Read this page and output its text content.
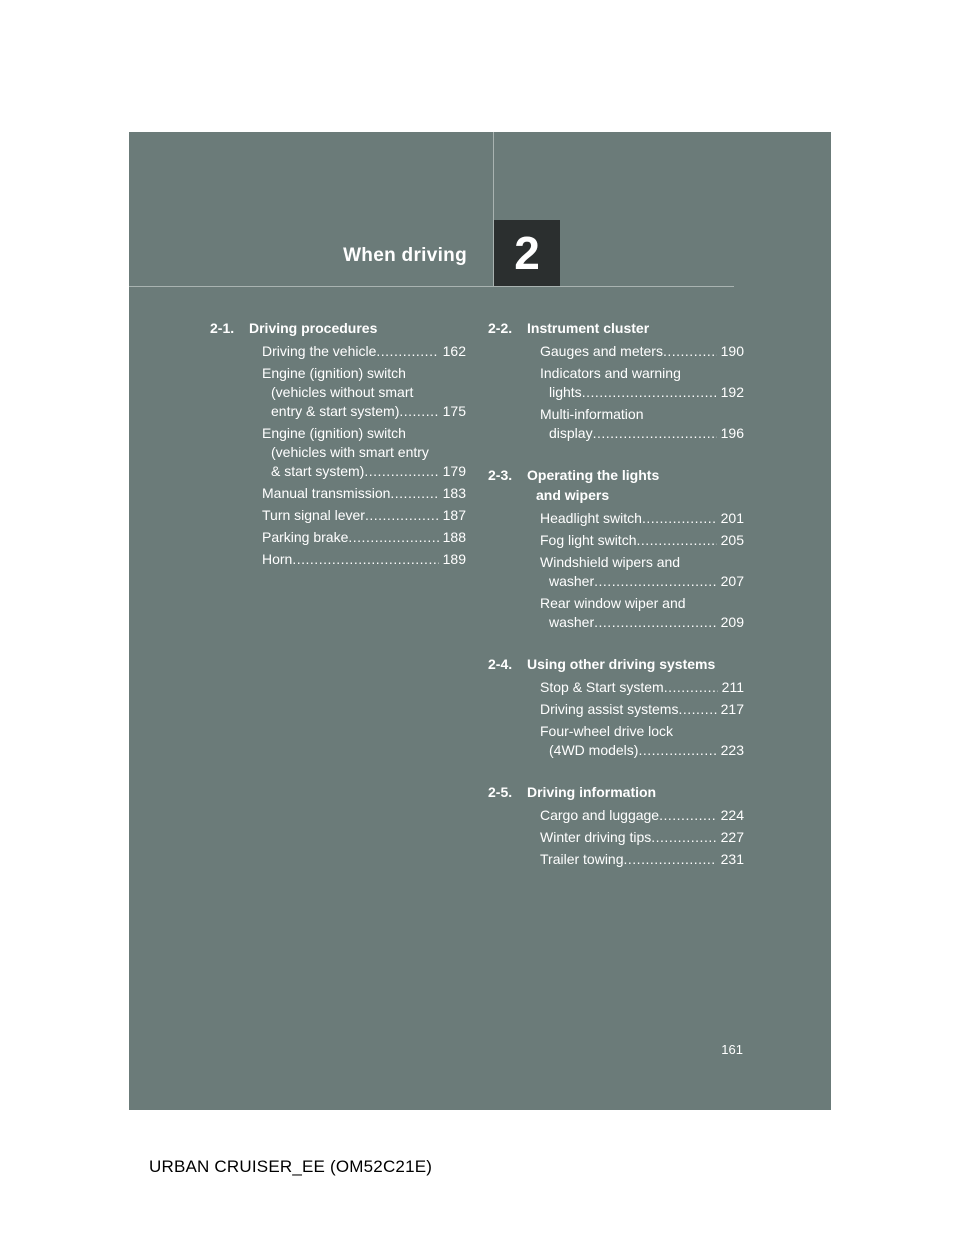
When driving	2
2-1.	Driving procedures
Driving the vehicle .....	162
Engine (ignition) switch
(vehicles without smart
entry & start system) .....	175
Engine (ignition) switch
(vehicles with smart entry
& start system) .....	179
Manual transmission .....	183
Turn signal lever .....	187
Parking brake .....	188
Horn .....	189
2-2.	Instrument cluster
Gauges and meters .....	190
Indicators and warning
lights .....	192
Multi-information
display .....	196
2-3.	Operating the lights
and wipers
Headlight switch .....	201
Fog light switch .....	205
Windshield wipers and
washer .....	207
Rear window wiper and
washer .....	209
2-4.	Using other driving systems
Stop & Start system .....	211
Driving assist systems .....	217
Four-wheel drive lock
(4WD models) .....	223
2-5.	Driving information
Cargo and luggage .....	224
Winter driving tips .....	227
Trailer towing .....	231
161
URBAN CRUISER_EE (OM52C21E)
